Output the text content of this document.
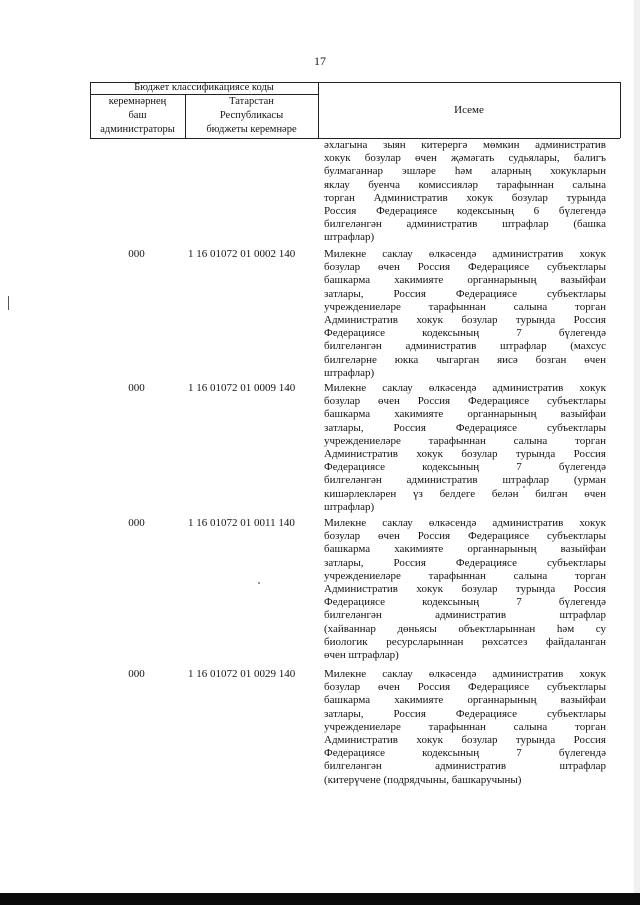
17
Бюджет классификациясе коды
керемнәрнең
баш
администраторы
Татарстан
Республикасы
бюджеты керемнәре
Исеме
әхлагына зыян китерергә мөмкин административ
хокук бозулар өчен җәмәгать судьялары, балигъ
булмаганнар эшләре һәм аларның хокукларын
яклау буенча комиссияләр тарафыннан салына
торган Административ хокук бозулар турында
Россия Федерациясе кодексының 6 бүлегендә
билгеләнгән административ штрафлар (башка
штрафлар)
000	1 16 01072 01 0002 140	Милекне саклау өлкәсендә административ хокук
бозулар өчен Россия Федерациясе субъектлары
башкарма хакимияте органнарының вазыйфаи
затлары, Россия Федерациясе субъектлары
учреждениеләре тарафыннан салына торган
Административ хокук бозулар турында Россия
Федерациясе кодексының 7 бүлегендә
билгеләнгән административ штрафлар (махсус
билгеләрне юкка чыгарган яисә бозган өчен
штрафлар)
000	1 16 01072 01 0009 140	Милекне саклау өлкәсендә административ хокук
бозулар өчен Россия Федерациясе субъектлары
башкарма хакимияте органнарының вазыйфаи
затлары, Россия Федерациясе субъектлары
учреждениеләре тарафыннан салына торган
Административ хокук бозулар турында Россия
Федерациясе кодексының 7 бүлегендә
билгеләнгән административ штрафлар (урман
кишәрлекләрен үз белдеге белән билгән өчен
штрафлар)
000	1 16 01072 01 0011 140	Милекне саклау өлкәсендә административ хокук
бозулар өчен Россия Федерациясе субъектлары
башкарма хакимияте органнарының вазыйфаи
затлары, Россия Федерациясе субъектлары
учреждениеләре тарафыннан салына торган
Административ хокук бозулар турында Россия
Федерациясе кодексының 7 бүлегендә
билгеләнгән административ штрафлар
(хайваннар дөньясы объектларыннан һәм су
биологик ресурсларыннан рөхсәтсез файдаланган
өчен штрафлар)
000	1 16 01072 01 0029 140	Милекне саклау өлкәсендә административ хокук
бозулар өчен Россия Федерациясе субъектлары
башкарма хакимияте органнарының вазыйфаи
затлары, Россия Федерациясе субъектлары
учреждениеләре тарафыннан салына торган
Административ хокук бозулар турында Россия
Федерациясе кодексының 7 бүлегендә
билгеләнгән административ штрафлар
(китерүчене (подрядчыны, башкаручыны)
